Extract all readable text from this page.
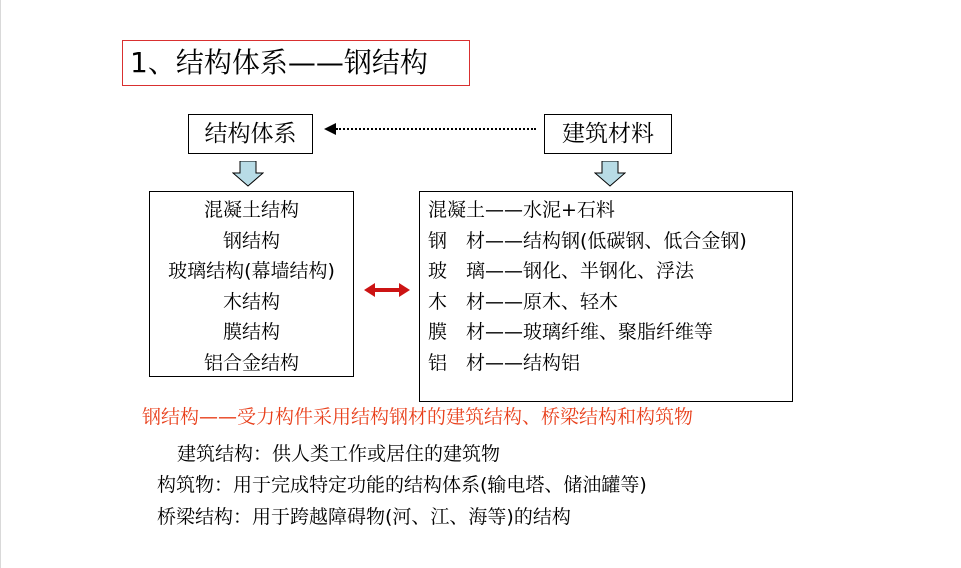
1、结构体系——钢结构
结构体系	建筑材料
混凝土结构
钢结构
玻璃结构(幕墙结构)
木结构
膜结构
铝合金结构
混凝土——水泥+石料
钢　材——结构钢(低碳钢、低合金钢)
玻　璃——钢化、半钢化、浮法
木　材——原木、轻木
膜　材——玻璃纤维、聚脂纤维等
铝　材——结构铝
钢结构——受力构件采用结构钢材的建筑结构、桥梁结构和构筑物
建筑结构：供人类工作或居住的建筑物
构筑物：用于完成特定功能的结构体系(输电塔、储油罐等)
桥梁结构：用于跨越障碍物(河、江、海等)的结构
